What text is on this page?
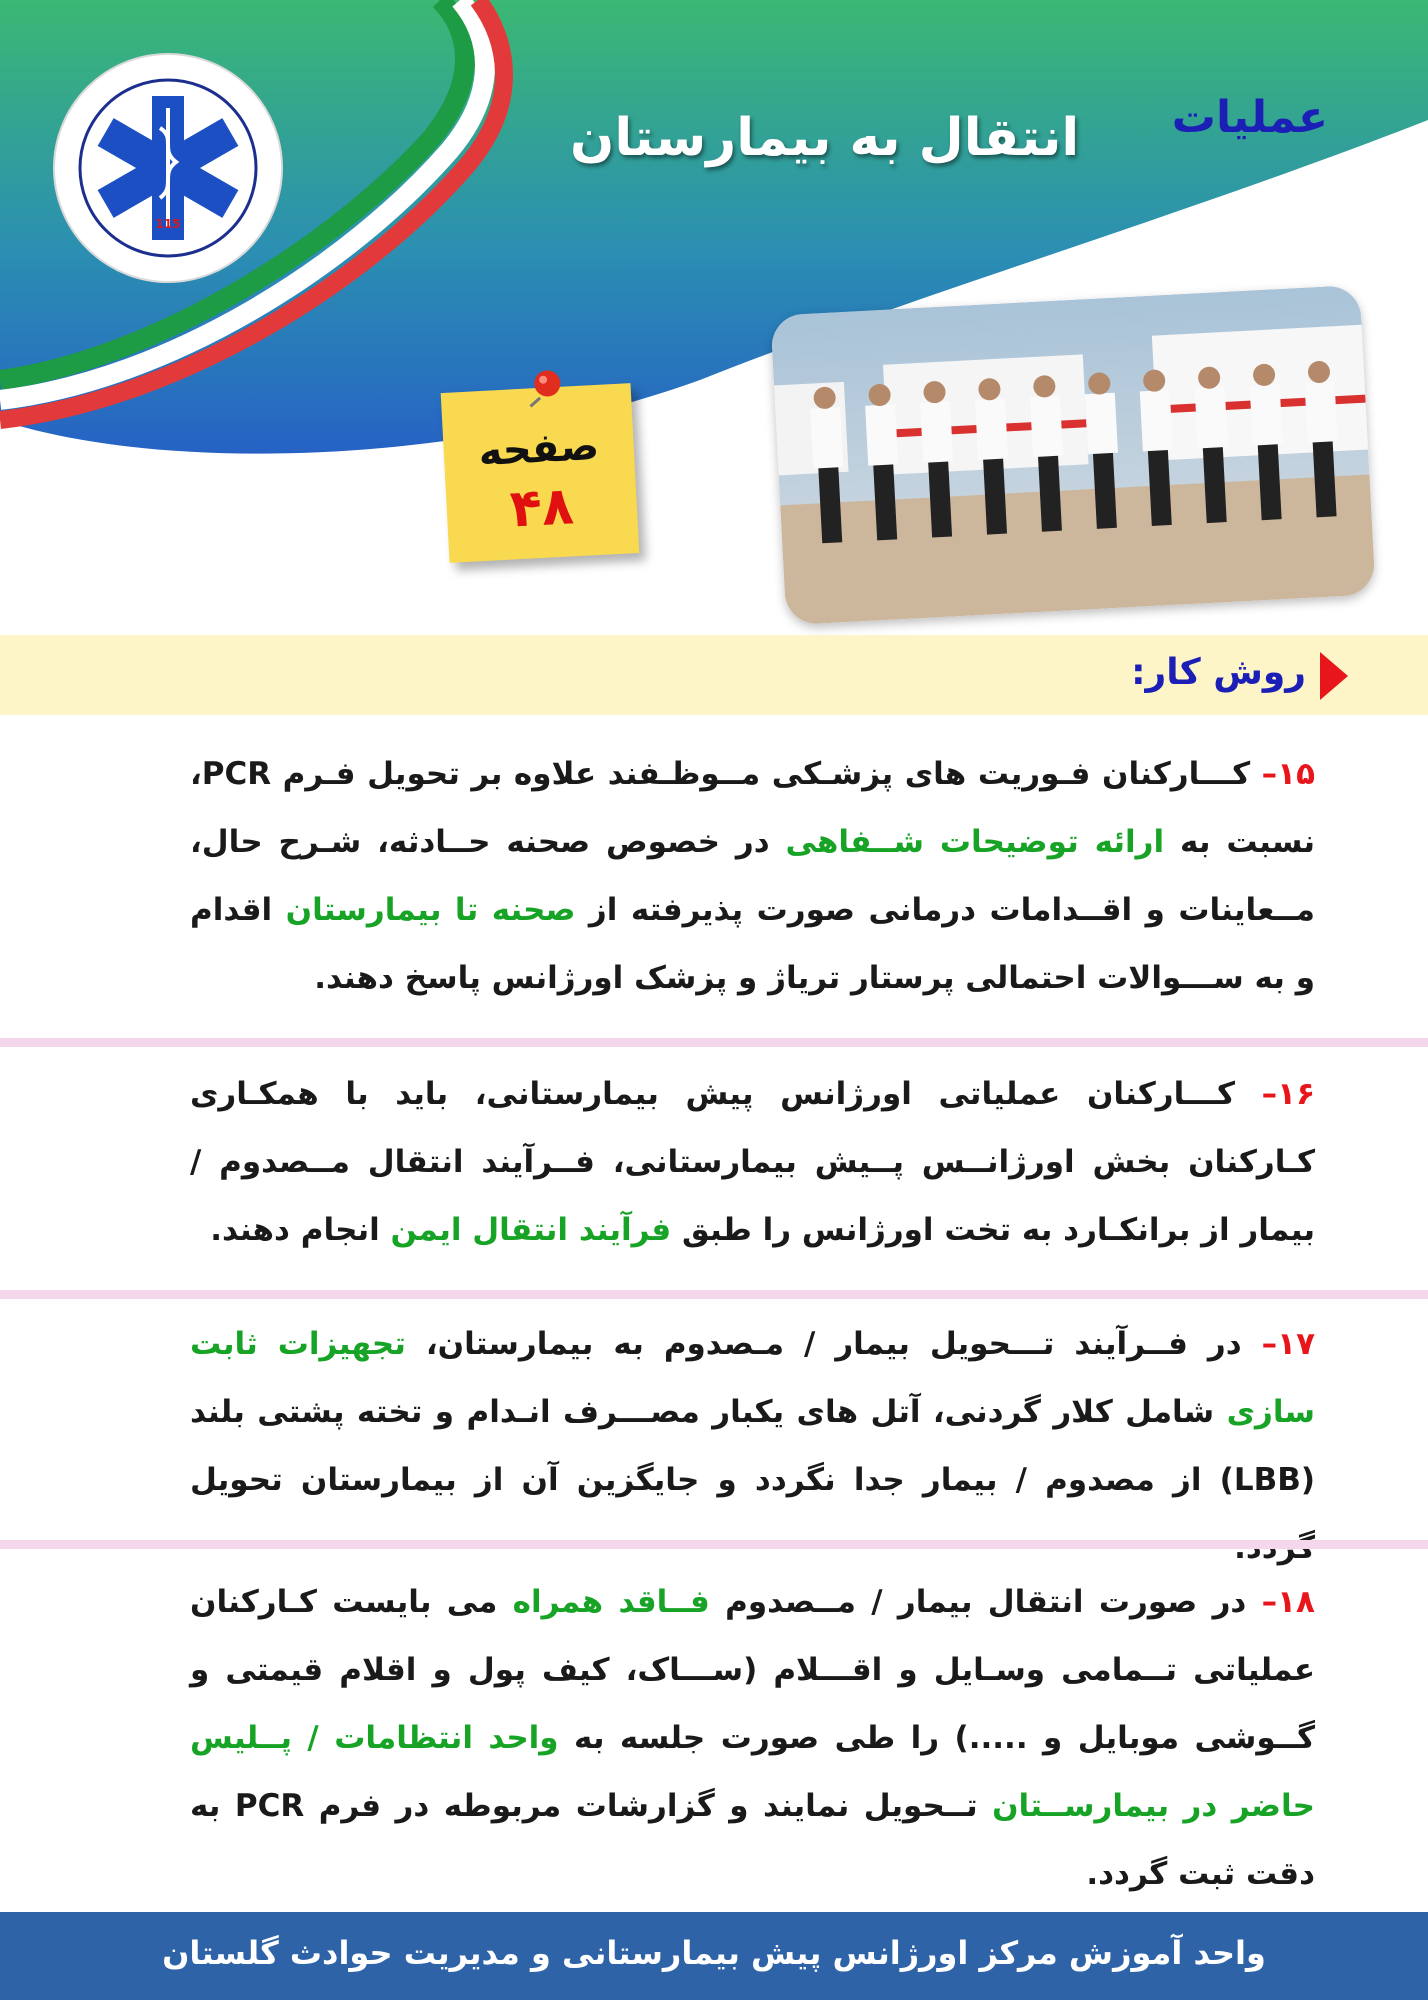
عملیات
انتقال به بیمارستان
115
صفحه
۴۸
روش کار:
۱۵– کـــارکنان فـوریت های پزشـکی مــوظـفند علاوه بر تحویل فـرم PCR، نسبت به ارائه توضیحات شــفاهی در خصوص صحنه حــادثه، شـرح حال، مــعاینات و اقــدامات درمانی صورت پذیرفته از صحنه تا بیمارستان اقدام و به ســـوالات احتمالی پرستار تریاژ و پزشک اورژانس پاسخ دهند.
۱۶– کـــارکنان عملیاتی اورژانس پیش بیمارستانی، باید با همکـاری کـارکنان بخش اورژانــس پــیش بیمارستانی، فــرآیند انتقال مــصدوم / بیمار از برانکـارد به تخت اورژانس را طبق فرآیند انتقال ایمن انجام دهند.
۱۷– در فــرآیند تـــحویل بیمار / مـصدوم به بیمارستان، تجهیزات ثابت سازی شامل کلار گردنی، آتل های یکبار مصـــرف انـدام و تخته پشتی بلند (LBB) از مصدوم / بیمار جدا نگردد و جایگزین آن از بیمارستان تحویل
۱۸– در صورت انتقال بیمار / مــصدوم فــاقد همراه می بایست کـارکنان عملیاتی تــمامی وسـایل و اقـــلام (ســـاک، کیف پول و اقلام قیمتی و گــوشی موبایل و .....) را طی صورت جلسه به واحد انتظامات / پــلیس حاضر در بیمارســتان تــحویل نمایند و گزارشات مربوطه در فرم PCR به دقت ثبت گردد.
واحد آموزش مرکز اورژانس پیش بیمارستانی و مدیریت حوادث گلستان
